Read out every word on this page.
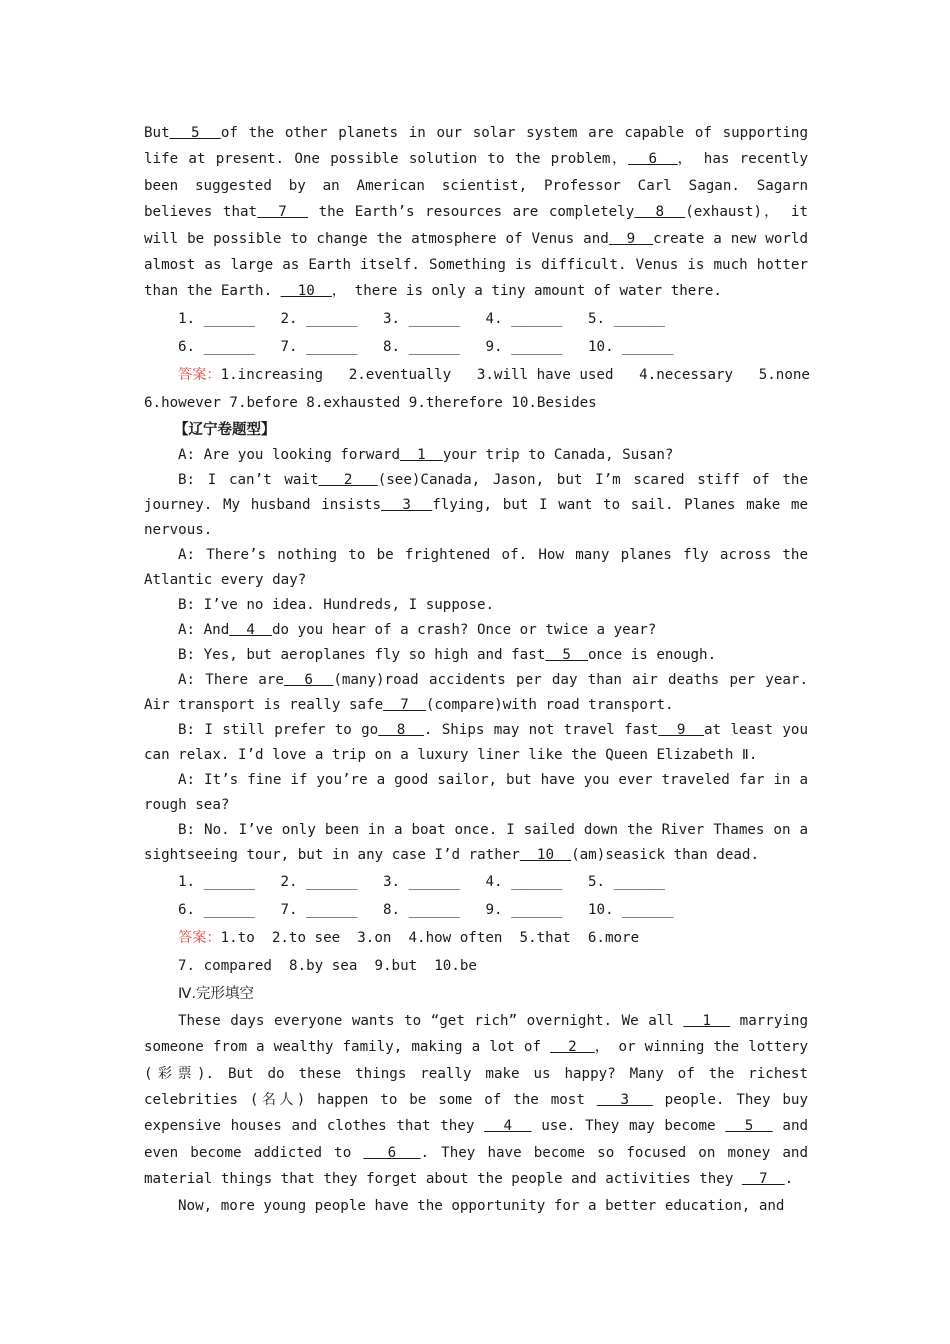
But  5  of the other planets in our solar system are capable of supporting life at present. One possible solution to the problem，  6  ， has recently been suggested by an American scientist, Professor Carl Sagan. Sagarn believes that  7   the Earth’s resources are completely  8  (exhaust)， it will be possible to change the atmosphere of Venus and  9  create a new world almost as large as Earth itself. Something is difficult. Venus is much hotter than the Earth.   10  ， there is only a tiny amount of water there.

1. ______   2. ______   3. ______   4. ______   5. ______
6. ______   7. ______   8. ______   9. ______   10. ______
答案：1.increasing   2.eventually   3.will have used   4.necessary   5.none
6.however 7.before 8.exhausted 9.therefore 10.Besides
【辽宁卷题型】

A: Are you looking forward  1  your trip to Canada, Susan?

B: I can’t wait  2  (see)Canada, Jason, but I’m scared stiff of the journey. My husband insists  3  flying, but I want to sail. Planes make me nervous.

A: There’s nothing to be frightened of. How many planes fly across the Atlantic every day?

B: I’ve no idea. Hundreds, I suppose.

A: And  4  do you hear of a crash? Once or twice a year?

B: Yes, but aeroplanes fly so high and fast  5  once is enough.

A: There are  6  (many)road accidents per day than air deaths per year. Air transport is really safe  7  (compare)with road transport.

B: I still prefer to go  8  . Ships may not travel fast  9  at least you can relax. I’d love a trip on a luxury liner like the Queen Elizabeth Ⅱ.

A: It’s fine if you’re a good sailor, but have you ever traveled far in a rough sea?

B: No. I’ve only been in a boat once. I sailed down the River Thames on a sightseeing tour, but in any case I’d rather  10  (am)seasick than dead.

1. ______   2. ______   3. ______   4. ______   5. ______
6. ______   7. ______   8. ______   9. ______   10. ______
答案：1.to  2.to see  3.on  4.how often  5.that  6.more
7. compared  8.by sea  9.but  10.be
Ⅳ.完形填空

These days everyone wants to “get rich” overnight. We all   1   marrying someone from a wealthy family, making a lot of   2  ， or winning the lottery (彩票). But do these things really make us happy? Many of the richest celebrities (名人) happen to be some of the most   3   people. They buy expensive houses and clothes that they   4   use. They may become   5   and even become addicted to   6  . They have become so focused on money and material things that they forget about the people and activities they   7  .

Now, more young people have the opportunity for a better education, and
